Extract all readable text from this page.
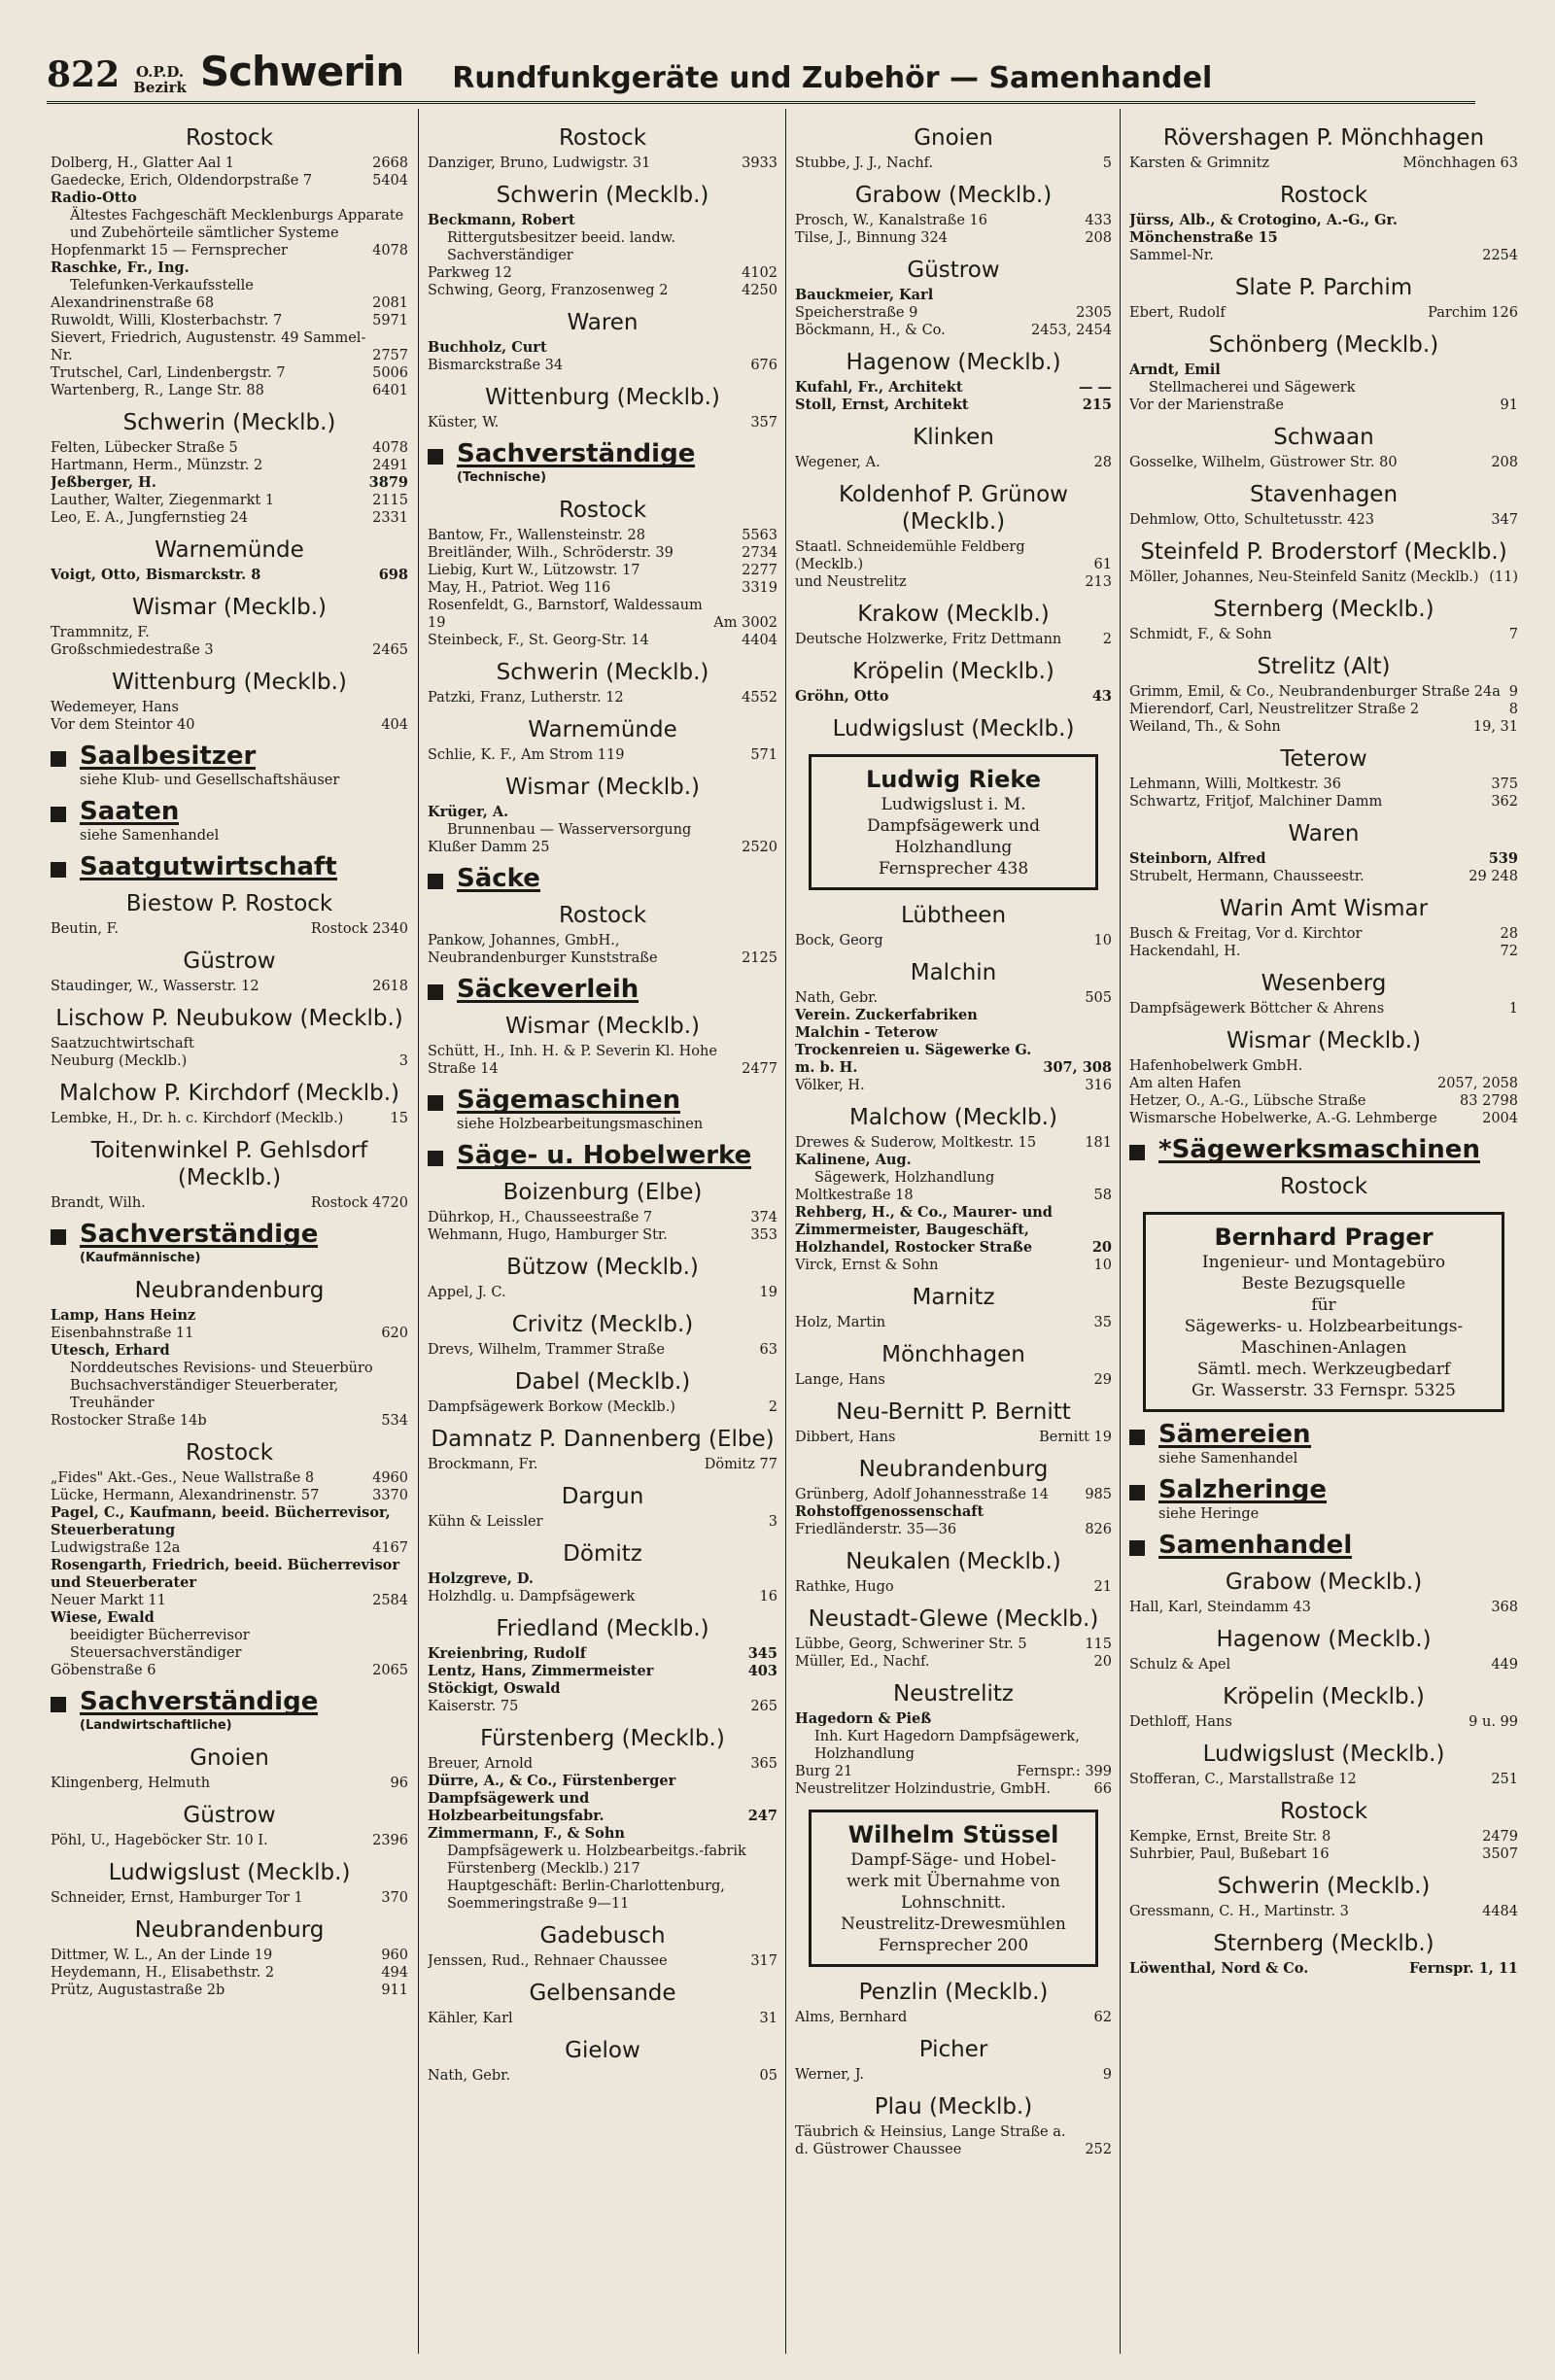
822 O.P.D.
Bezirk Schwerin Rundfunkgeräte und Zubehör — Samenhandel
Rostock
Dolberg, H., Glatter Aal 1	2668
Gaedecke, Erich, Oldendorpstraße 7	5404
Radio-Otto
Ältestes Fachgeschäft Mecklenburgs Apparate und Zubehörteile sämtlicher Systeme
Hopfenmarkt 15 — Fernsprecher	4078
Raschke, Fr., Ing.
Telefunken-Verkaufsstelle
Alexandrinenstraße 68	2081
Ruwoldt, Willi, Klosterbachstr. 7	5971
Sievert, Friedrich, Augustenstr. 49 Sammel-Nr.	2757
Trutschel, Carl, Lindenbergstr. 7	5006
Wartenberg, R., Lange Str. 88	6401
Schwerin (Mecklb.)
Felten, Lübecker Straße 5	4078
Hartmann, Herm., Münzstr. 2	2491
Jeßberger, H.	3879
Lauther, Walter, Ziegenmarkt 1	2115
Leo, E. A., Jungfernstieg 24	2331
Warnemünde
Voigt, Otto, Bismarckstr. 8	698
Wismar (Mecklb.)
Trammnitz, F.
Großschmiedestraße 3	2465
Wittenburg (Mecklb.)
Wedemeyer, Hans
Vor dem Steintor 40	404
Saalbesitzer
siehe Klub- und Gesellschaftshäuser
Saaten
siehe Samenhandel
Saatgutwirtschaft
Biestow P. Rostock
Beutin, F.	Rostock 2340
Güstrow
Staudinger, W., Wasserstr. 12	2618
Lischow P. Neubukow (Mecklb.)
Saatzuchtwirtschaft
Neuburg (Mecklb.)	3
Malchow P. Kirchdorf (Mecklb.)
Lembke, H., Dr. h. c. Kirchdorf (Mecklb.)	15
Toitenwinkel P. Gehlsdorf (Mecklb.)
Brandt, Wilh.	Rostock 4720
Sachverständige
(Kaufmännische)
Neubrandenburg
Lamp, Hans Heinz
Eisenbahnstraße 11	620
Utesch, Erhard
Norddeutsches Revisions- und Steuerbüro Buchsachverständiger Steuerberater, Treuhänder
Rostocker Straße 14b	534
Rostock
„Fides" Akt.-Ges., Neue Wallstraße 8	4960
Lücke, Hermann, Alexandrinenstr. 57	3370
Pagel, C., Kaufmann, beeid. Bücherrevisor, Steuerberatung
Ludwigstraße 12a	4167
Rosengarth, Friedrich, beeid. Bücherrevisor und Steuerberater
Neuer Markt 11	2584
Wiese, Ewald
beeidigter Bücherrevisor Steuersachverständiger
Göbenstraße 6	2065
Sachverständige
(Landwirtschaftliche)
Gnoien
Klingenberg, Helmuth	96
Güstrow
Pöhl, U., Hageböcker Str. 10 I.	2396
Ludwigslust (Mecklb.)
Schneider, Ernst, Hamburger Tor 1	370
Neubrandenburg
Dittmer, W. L., An der Linde 19	960
Heydemann, H., Elisabethstr. 2	494
Prütz, Augustastraße 2b	911
Rostock
Danziger, Bruno, Ludwigstr. 31	3933
Schwerin (Mecklb.)
Beckmann, Robert
Rittergutsbesitzer beeid. landw. Sachverständiger
Parkweg 12	4102
Schwing, Georg, Franzosenweg 2	4250
Waren
Buchholz, Curt
Bismarckstraße 34	676
Wittenburg (Mecklb.)
Küster, W.	357
Sachverständige
(Technische)
Rostock
Bantow, Fr., Wallensteinstr. 28	5563
Breitländer, Wilh., Schröderstr. 39	2734
Liebig, Kurt W., Lützowstr. 17	2277
May, H., Patriot. Weg 116	3319
Rosenfeldt, G., Barnstorf, Waldessaum 19	Am 3002
Steinbeck, F., St. Georg-Str. 14	4404
Schwerin (Mecklb.)
Patzki, Franz, Lutherstr. 12	4552
Warnemünde
Schlie, K. F., Am Strom 119	571
Wismar (Mecklb.)
Krüger, A.
Brunnenbau — Wasserversorgung
Klußer Damm 25	2520
Säcke
Rostock
Pankow, Johannes, GmbH., Neubrandenburger Kunststraße	2125
Säckeverleih
Wismar (Mecklb.)
Schütt, H., Inh. H. & P. Severin Kl. Hohe Straße 14	2477
Sägemaschinen
siehe Holzbearbeitungsmaschinen
Säge- u. Hobelwerke
Boizenburg (Elbe)
Dührkop, H., Chausseestraße 7	374
Wehmann, Hugo, Hamburger Str.	353
Bützow (Mecklb.)
Appel, J. C.	19
Crivitz (Mecklb.)
Drevs, Wilhelm, Trammer Straße	63
Dabel (Mecklb.)
Dampfsägewerk Borkow (Mecklb.)	2
Damnatz P. Dannenberg (Elbe)
Brockmann, Fr.	Dömitz 77
Dargun
Kühn & Leissler	3
Dömitz
Holzgreve, D.
Holzhdlg. u. Dampfsägewerk	16
Friedland (Mecklb.)
Kreienbring, Rudolf	345
Lentz, Hans, Zimmermeister	403
Stöckigt, Oswald
Kaiserstr. 75	265
Fürstenberg (Mecklb.)
Breuer, Arnold	365
Dürre, A., & Co., Fürstenberger Dampfsägewerk und Holzbearbeitungsfabr.	247
Zimmermann, F., & Sohn
Dampfsägewerk u. Holzbearbeitgs.-fabrik Fürstenberg (Mecklb.) 217
Hauptgeschäft: Berlin-Charlottenburg, Soemmeringstraße 9—11
Gadebusch
Jenssen, Rud., Rehnaer Chaussee	317
Gelbensande
Kähler, Karl	31
Gielow
Nath, Gebr.	05
Gnoien
Stubbe, J. J., Nachf.	5
Grabow (Mecklb.)
Prosch, W., Kanalstraße 16	433
Tilse, J., Binnung 324	208
Güstrow
Bauckmeier, Karl
Speicherstraße 9	2305
Böckmann, H., & Co.	2453, 2454
Hagenow (Mecklb.)
Kufahl, Fr., Architekt	— —
Stoll, Ernst, Architekt	215
Klinken
Wegener, A.	28
Koldenhof P. Grünow (Mecklb.)
Staatl. Schneidemühle Feldberg (Mecklb.)	61
und Neustrelitz	213
Krakow (Mecklb.)
Deutsche Holzwerke, Fritz Dettmann	2
Kröpelin (Mecklb.)
Gröhn, Otto	43
Ludwigslust (Mecklb.)
Ludwig Rieke
Ludwigslust i. M.
Dampfsägewerk und
Holzhandlung
Fernsprecher 438
Lübtheen
Bock, Georg	10
Malchin
Nath, Gebr.	505
Verein. Zuckerfabriken Malchin - Teterow Trockenreien u. Sägewerke G. m. b. H.	307, 308
Völker, H.	316
Malchow (Mecklb.)
Drewes & Suderow, Moltkestr. 15	181
Kalinene, Aug.
Sägewerk, Holzhandlung
Moltkestraße 18	58
Rehberg, H., & Co., Maurer- und Zimmermeister, Baugeschäft, Holzhandel, Rostocker Straße	20
Virck, Ernst & Sohn	10
Marnitz
Holz, Martin	35
Mönchhagen
Lange, Hans	29
Neu-Bernitt P. Bernitt
Dibbert, Hans	Bernitt 19
Neubrandenburg
Grünberg, Adolf Johannesstraße 14	985
Rohstoffgenossenschaft
Friedländerstr. 35—36	826
Neukalen (Mecklb.)
Rathke, Hugo	21
Neustadt-Glewe (Mecklb.)
Lübbe, Georg, Schweriner Str. 5	115
Müller, Ed., Nachf.	20
Neustrelitz
Hagedorn & Pieß
Inh. Kurt Hagedorn Dampfsägewerk, Holzhandlung
Burg 21	Fernspr.: 399
Neustrelitzer Holzindustrie, GmbH.	66
Wilhelm Stüssel
Dampf-Säge- und Hobel-
werk mit Übernahme von
Lohnschnitt.
Neustrelitz-Drewesmühlen
Fernsprecher 200
Penzlin (Mecklb.)
Alms, Bernhard	62
Picher
Werner, J.	9
Plau (Mecklb.)
Täubrich & Heinsius, Lange Straße a. d. Güstrower Chaussee	252
Rövershagen P. Mönchhagen
Karsten & Grimnitz	Mönchhagen 63
Rostock
Jürss, Alb., & Crotogino, A.-G., Gr. Mönchenstraße 15
Sammel-Nr.	2254
Slate P. Parchim
Ebert, Rudolf	Parchim 126
Schönberg (Mecklb.)
Arndt, Emil
Stellmacherei und Sägewerk
Vor der Marienstraße	91
Schwaan
Gosselke, Wilhelm, Güstrower Str. 80	208
Stavenhagen
Dehmlow, Otto, Schultetusstr. 423	347
Steinfeld P. Broderstorf (Mecklb.)
Möller, Johannes, Neu-Steinfeld Sanitz (Mecklb.) (11)
Sternberg (Mecklb.)
Schmidt, F., & Sohn	7
Strelitz (Alt)
Grimm, Emil, & Co., Neubrandenburger Straße 24a 9
Mierendorf, Carl, Neustrelitzer Straße 2	8
Weiland, Th., & Sohn	19, 31
Teterow
Lehmann, Willi, Moltkestr. 36	375
Schwartz, Fritjof, Malchiner Damm	362
Waren
Steinborn, Alfred	539
Strubelt, Hermann, Chausseestr.	29 248
Warin Amt Wismar
Busch & Freitag, Vor d. Kirchtor	28
Hackendahl, H.	72
Wesenberg
Dampfsägewerk Böttcher & Ahrens	1
Wismar (Mecklb.)
Hafenhobelwerk GmbH.
Am alten Hafen	2057, 2058
Hetzer, O., A.-G., Lübsche Straße	83 2798
Wismarsche Hobelwerke, A.-G. Lehmberge	2004
*Sägewerksmaschinen
Rostock
Bernhard Prager
Ingenieur- und Montagebüro
Beste Bezugsquelle
für
Sägewerks- u. Holzbearbeitungs-
Maschinen-Anlagen
Sämtl. mech. Werkzeugbedarf
Gr. Wasserstr. 33 Fernspr. 5325
Sämereien
siehe Samenhandel
Salzheringe
siehe Heringe
Samenhandel
Grabow (Mecklb.)
Hall, Karl, Steindamm 43	368
Hagenow (Mecklb.)
Schulz & Apel	449
Kröpelin (Mecklb.)
Dethloff, Hans	9 u. 99
Ludwigslust (Mecklb.)
Stofferan, C., Marstallstraße 12	251
Rostock
Kempke, Ernst, Breite Str. 8	2479
Suhrbier, Paul, Bußebart 16	3507
Schwerin (Mecklb.)
Gressmann, C. H., Martinstr. 3	4484
Sternberg (Mecklb.)
Löwenthal, Nord & Co.	Fernspr. 1, 11
